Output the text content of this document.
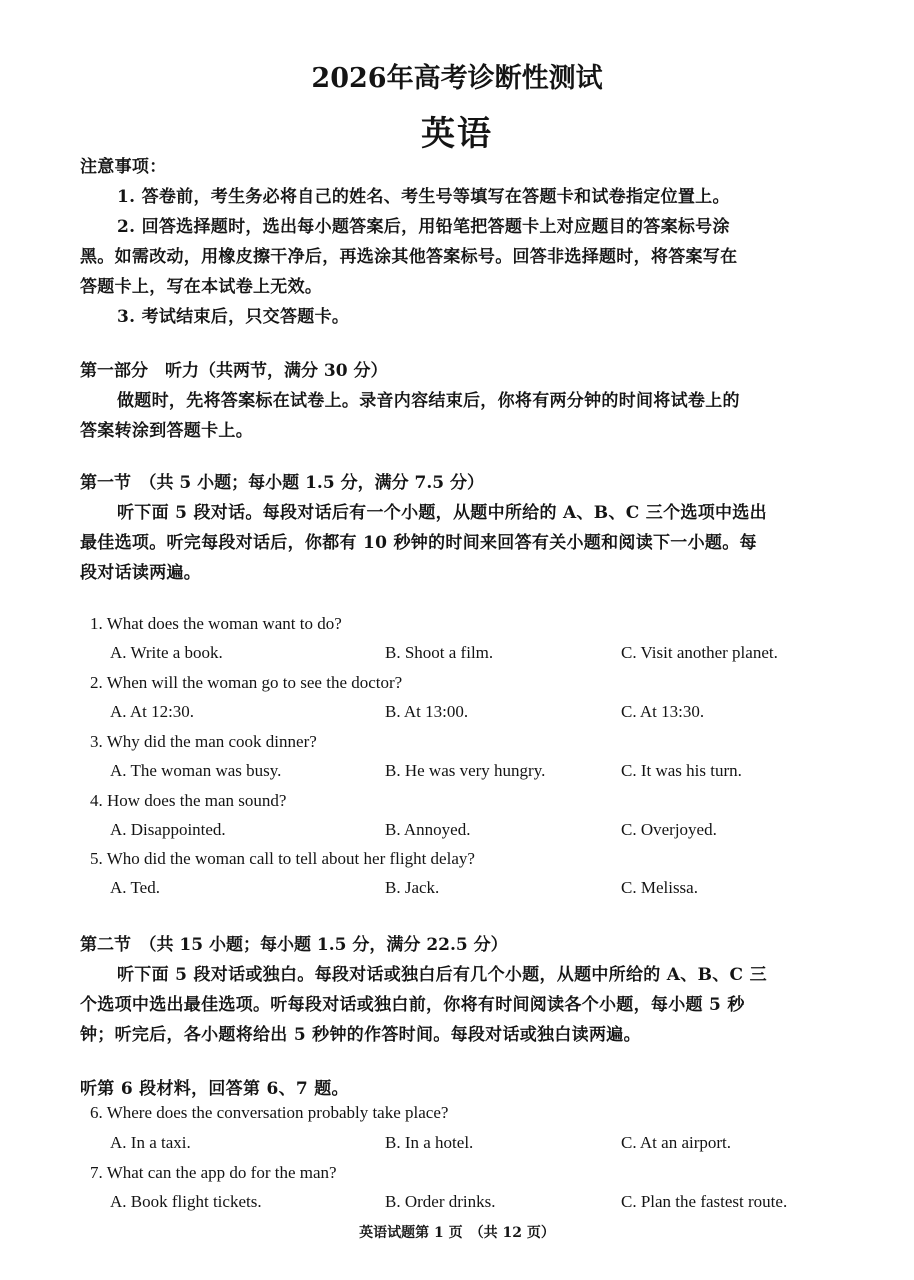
2026年高考诊断性测试
英语
注意事项：
1. 答卷前，考生务必将自己的姓名、考生号等填写在答题卡和试卷指定位置上。
2. 回答选择题时，选出每小题答案后，用铅笔把答题卡上对应题目的答案标号涂
黑。如需改动，用橡皮擦干净后，再选涂其他答案标号。回答非选择题时，将答案写在
答题卡上，写在本试卷上无效。
3. 考试结束后，只交答题卡。
第一部分　听力（共两节，满分 30 分）
做题时，先将答案标在试卷上。录音内容结束后，你将有两分钟的时间将试卷上的
答案转涂到答题卡上。
第一节　（共 5 小题；每小题 1.5 分，满分 7.5 分）
听下面 5 段对话。每段对话后有一个小题，从题中所给的 A、B、C 三个选项中选出
最佳选项。听完每段对话后，你都有 10 秒钟的时间来回答有关小题和阅读下一小题。每
段对话读两遍。
1. What does the woman want to do?
A. Write a book.	B. Shoot a film.	C. Visit another planet.
2. When will the woman go to see the doctor?
A. At 12:30.	B. At 13:00.	C. At 13:30.
3. Why did the man cook dinner?
A. The woman was busy.	B. He was very hungry.	C. It was his turn.
4. How does the man sound?
A. Disappointed.	B. Annoyed.	C. Overjoyed.
5. Who did the woman call to tell about her flight delay?
A. Ted.	B. Jack.	C. Melissa.
第二节　（共 15 小题；每小题 1.5 分，满分 22.5 分）
听下面 5 段对话或独白。每段对话或独白后有几个小题，从题中所给的 A、B、C 三
个选项中选出最佳选项。听每段对话或独白前，你将有时间阅读各个小题，每小题 5 秒
钟；听完后，各小题将给出 5 秒钟的作答时间。每段对话或独白读两遍。
听第 6 段材料，回答第 6、7 题。
6. Where does the conversation probably take place?
A. In a taxi.	B. In a hotel.	C. At an airport.
7. What can the app do for the man?
A. Book flight tickets.	B. Order drinks.	C. Plan the fastest route.
英语试题第 1 页　（共 12 页）
